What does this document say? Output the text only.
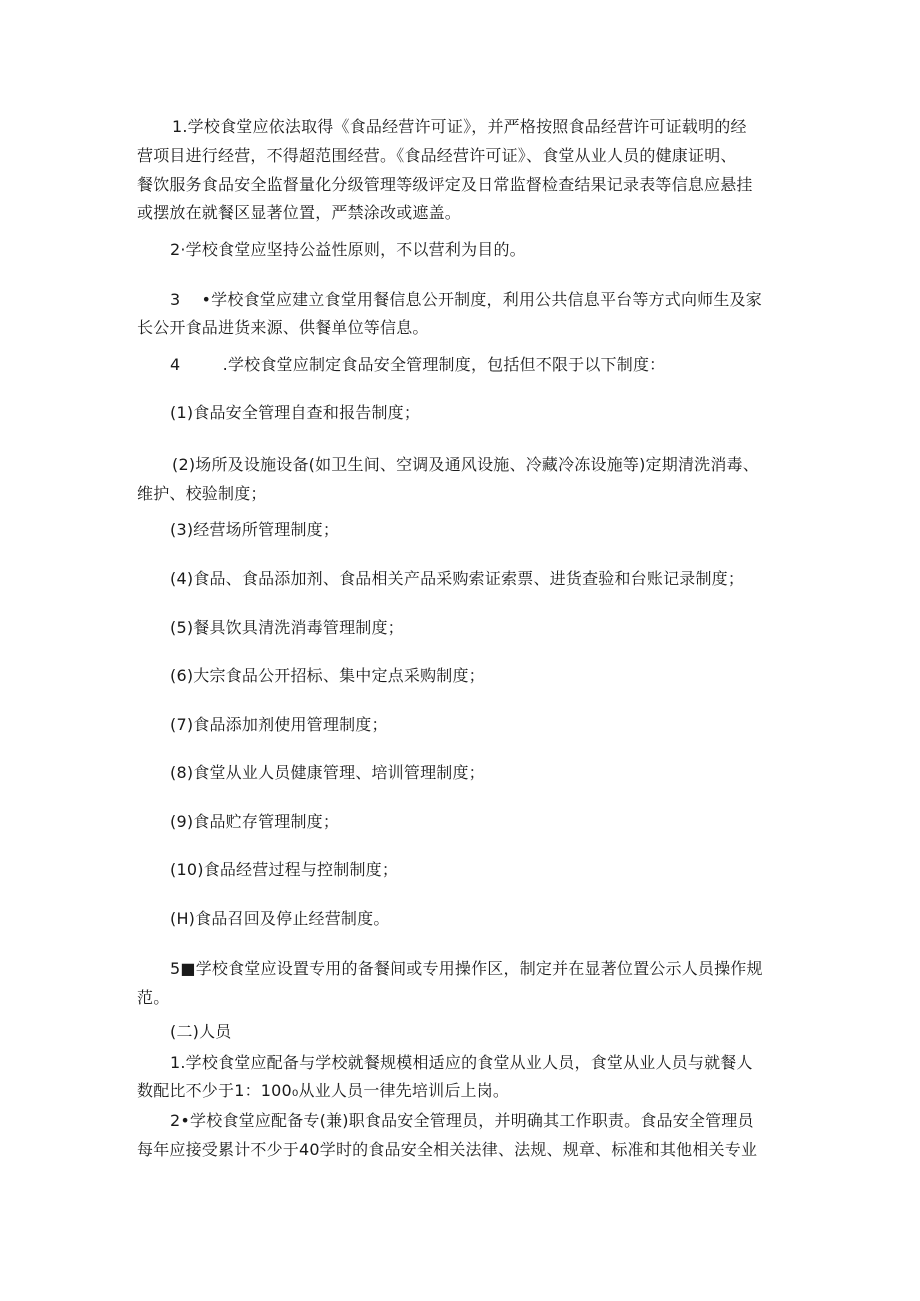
1.学校食堂应依法取得《食品经营许可证》，并严格按照食品经营许可证载明的经
营项目进行经营，不得超范围经营。《食品经营许可证》、食堂从业人员的健康证明、
餐饮服务食品安全监督量化分级管理等级评定及日常监督检查结果记录表等信息应悬挂
或摆放在就餐区显著位置，严禁涂改或遮盖。
2·学校食堂应坚持公益性原则，不以营利为目的。
3    •学校食堂应建立食堂用餐信息公开制度，利用公共信息平台等方式向师生及家
长公开食品进货来源、供餐单位等信息。
4        .学校食堂应制定食品安全管理制度，包括但不限于以下制度：
(1)食品安全管理自查和报告制度；
(2)场所及设施设备(如卫生间、空调及通风设施、冷藏冷冻设施等)定期清洗消毒、
维护、校验制度；
(3)经营场所管理制度；
(4)食品、食品添加剂、食品相关产品采购索证索票、进货查验和台账记录制度；
(5)餐具饮具清洗消毒管理制度；
(6)大宗食品公开招标、集中定点采购制度；
(7)食品添加剂使用管理制度；
(8)食堂从业人员健康管理、培训管理制度；
(9)食品贮存管理制度；
(10)食品经营过程与控制制度；
(H)食品召回及停止经营制度。
5■学校食堂应设置专用的备餐间或专用操作区，制定并在显著位置公示人员操作规
范。
(二)人员
1.学校食堂应配备与学校就餐规模相适应的食堂从业人员，食堂从业人员与就餐人
数配比不少于1：100₀从业人员一律先培训后上岗。
2•学校食堂应配备专(兼)职食品安全管理员，并明确其工作职责。食品安全管理员
每年应接受累计不少于40学时的食品安全相关法律、法规、规章、标准和其他相关专业
